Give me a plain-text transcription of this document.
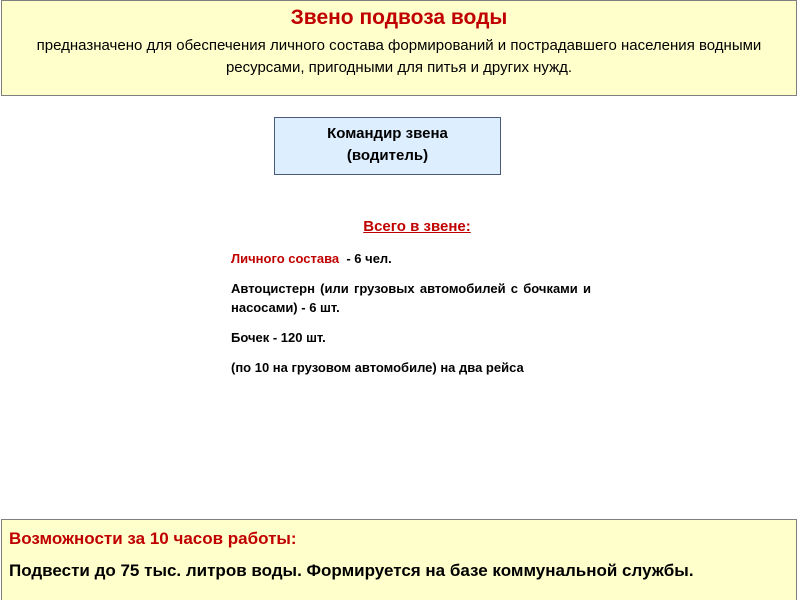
Звено подвоза воды
предназначено для обеспечения личного состава формирований и пострадавшего населения водными ресурсами, пригодными для питья и других нужд.
Командир звена
(водитель)
Всего в звене:
Личного состава  - 6 чел.
Автоцистерн (или грузовых автомобилей с бочками и насосами) - 6 шт.
Бочек - 120 шт.
(по 10 на грузовом автомобиле) на два рейса
Возможности за 10 часов работы:
Подвести до 75 тыс. литров воды. Формируется на базе коммунальной службы.
